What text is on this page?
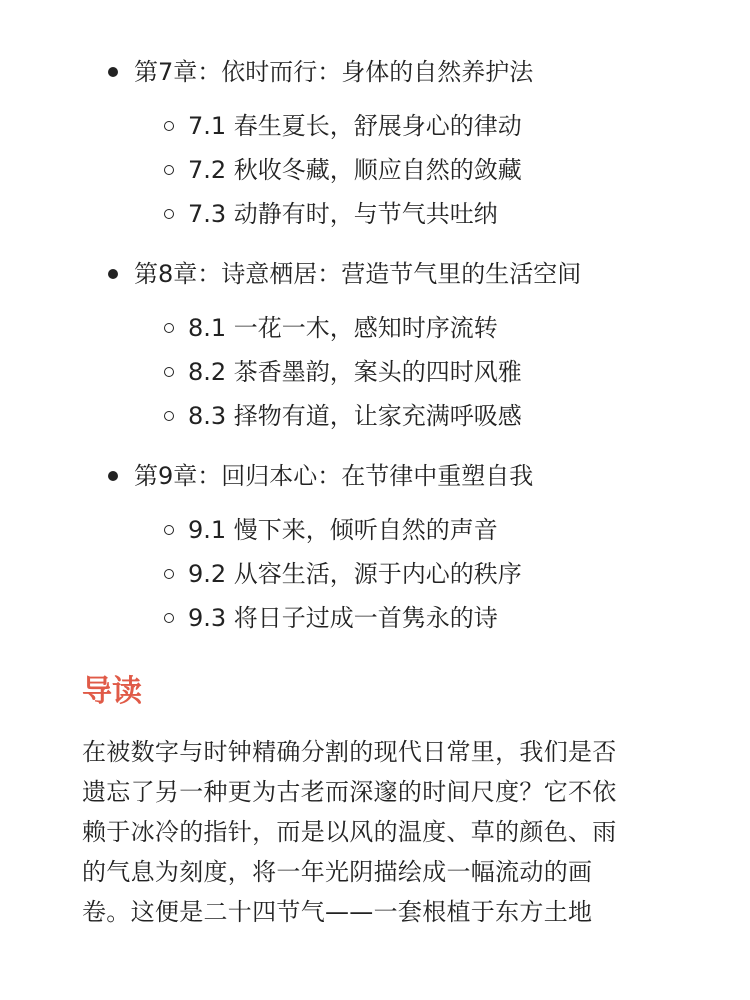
第7章：依时而行：身体的自然养护法
7.1 春生夏长，舒展身心的律动
7.2 秋收冬藏，顺应自然的敛藏
7.3 动静有时，与节气共吐纳
第8章：诗意栖居：营造节气里的生活空间
8.1 一花一木，感知时序流转
8.2 茶香墨韵，案头的四时风雅
8.3 择物有道，让家充满呼吸感
第9章：回归本心：在节律中重塑自我
9.1 慢下来，倾听自然的声音
9.2 从容生活，源于内心的秩序
9.3 将日子过成一首隽永的诗
导读
在被数字与时钟精确分割的现代日常里，我们是否
遗忘了另一种更为古老而深邃的时间尺度？它不依
赖于冰冷的指针，而是以风的温度、草的颜色、雨
的气息为刻度，将一年光阴描绘成一幅流动的画
卷。这便是二十四节气——一套根植于东方土地
